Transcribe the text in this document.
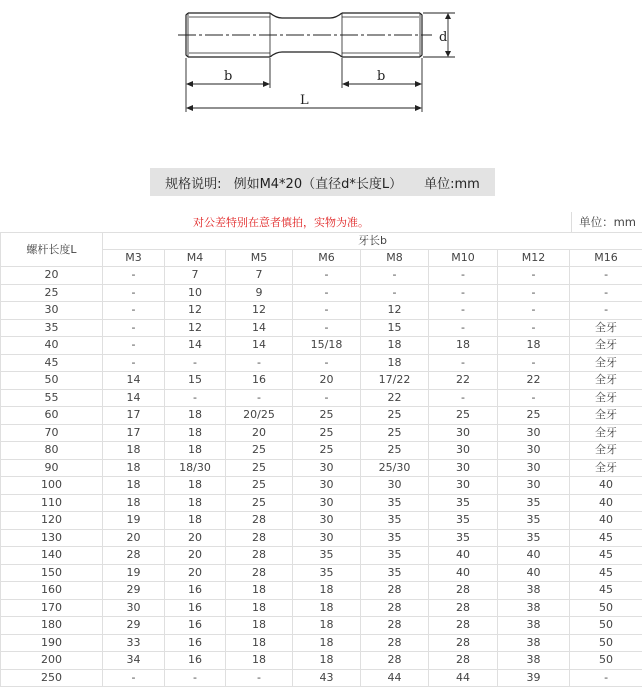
d
b	b
L
规格说明: 例如M4*20（直径d*长度L） 单位:mm
对公差特别在意者慎拍，实物为准。	单位：mm
螺杆长度L	牙长b							
	M3	M4	M5	M6	M8	M10	M12	M16
20	-	7	7	-	-	-	-	-
25	-	10	9	-	-	-	-	-
30	-	12	12	-	12	-	-	-
35	-	12	14	-	15	-	-	全牙
40	-	14	14	15/18	18	18	18	全牙
45	-	-	-	-	18	-	-	全牙
50	14	15	16	20	17/22	22	22	全牙
55	14	-	-	-	22	-	-	全牙
60	17	18	20/25	25	25	25	25	全牙
70	17	18	20	25	25	30	30	全牙
80	18	18	25	25	25	30	30	全牙
90	18	18/30	25	30	25/30	30	30	全牙
100	18	18	25	30	30	30	30	40
110	18	18	25	30	35	35	35	40
120	19	18	28	30	35	35	35	40
130	20	20	28	30	35	35	35	45
140	28	20	28	35	35	40	40	45
150	19	20	28	35	35	40	40	45
160	29	16	18	18	28	28	38	45
170	30	16	18	18	28	28	38	50
180	29	16	18	18	28	28	38	50
190	33	16	18	18	28	28	38	50
200	34	16	18	18	28	28	38	50
250	-	-	-	43	44	44	39	-
